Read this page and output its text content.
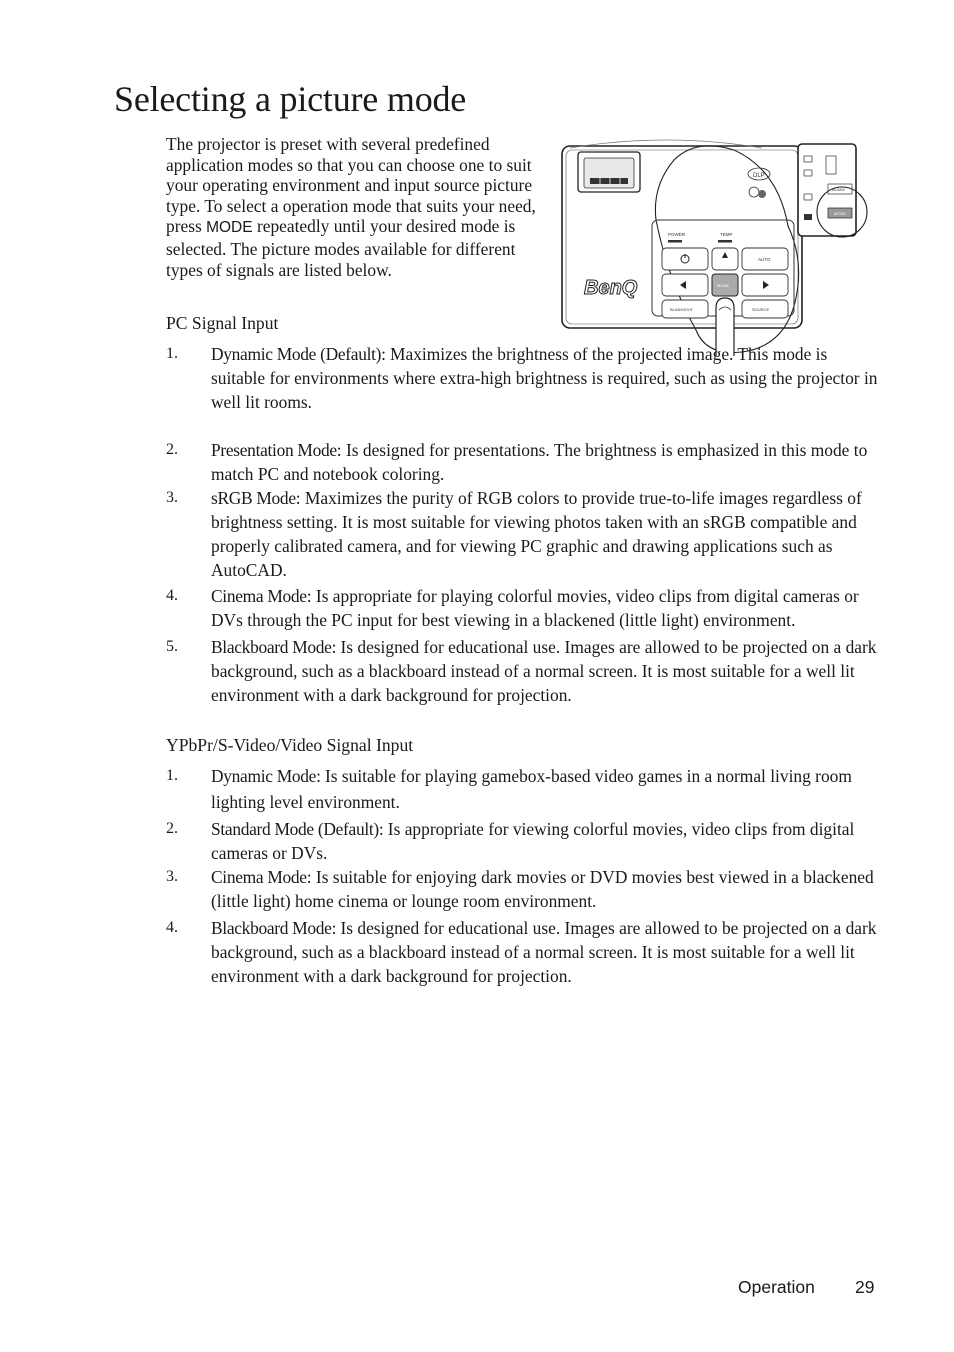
Selecting a picture mode

The projector is preset with several predefined application modes so that you can choose one to suit your operating environment and input source picture type. To select a operation mode that suits your need, press MODE repeatedly until your desired mode is selected. The picture modes available for different types of signals are listed below.

DLP
POWER	TEMP
AUTO
MODE
BLANK/EXIT	SOURCE
BenQ
BLANK
MODE
PC Signal Input
1. Dynamic Mode (Default): Maximizes the brightness of the projected image. This mode is suitable for environments where extra-high brightness is required, such as using the projector in well lit rooms.
2. Presentation Mode: Is designed for presentations. The brightness is emphasized in this mode to match PC and notebook coloring.
3. sRGB Mode: Maximizes the purity of RGB colors to provide true-to-life images regardless of brightness setting. It is most suitable for viewing photos taken with an sRGB compatible and properly calibrated camera, and for viewing PC graphic and drawing applications such as AutoCAD.
4. Cinema Mode: Is appropriate for playing colorful movies, video clips from digital cameras or DVs through the PC input for best viewing in a blackened (little light) environment.
5. Blackboard Mode: Is designed for educational use. Images are allowed to be projected on a dark background, such as a blackboard instead of a normal screen. It is most suitable for a well lit environment with a dark background for projection.
YPbPr/S-Video/Video Signal Input
1. Dynamic Mode: Is suitable for playing gamebox-based video games in a normal living room lighting level environment.
2. Standard Mode (Default): Is appropriate for viewing colorful movies, video clips from digital cameras or DVs.
3. Cinema Mode: Is suitable for enjoying dark movies or DVD movies best viewed in a blackened (little light) home cinema or lounge room environment.
4. Blackboard Mode: Is designed for educational use. Images are allowed to be projected on a dark background, such as a blackboard instead of a normal screen. It is most suitable for a well lit environment with a dark background for projection.
Operation 29
